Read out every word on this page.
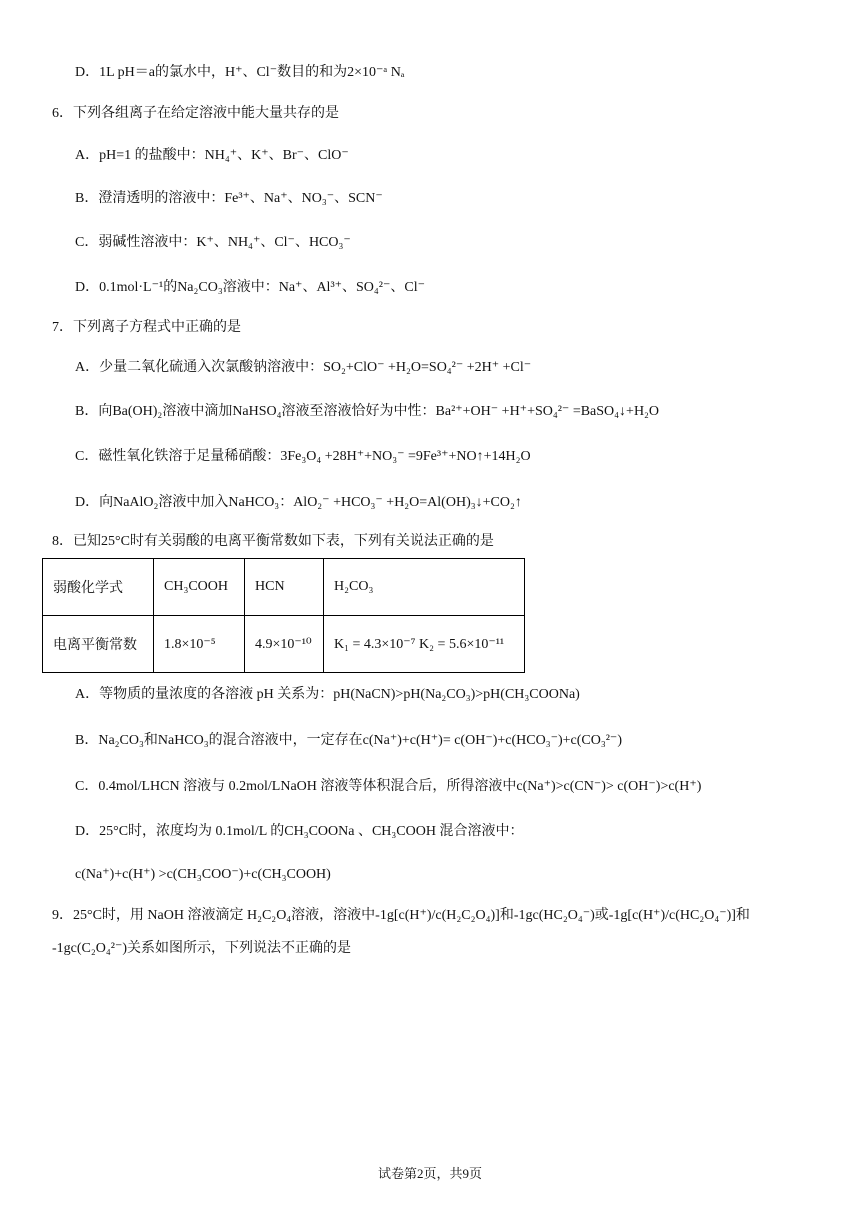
D．1L pH＝a的氯水中，H⁺、Cl⁻数目的和为2×10⁻ᵃ Nₐ
6．下列各组离子在给定溶液中能大量共存的是
A．pH=1 的盐酸中：NH₄⁺、K⁺、Br⁻、ClO⁻
B．澄清透明的溶液中：Fe³⁺、Na⁺、NO₃⁻、SCN⁻
C．弱碱性溶液中：K⁺、NH₄⁺、Cl⁻、HCO₃⁻
D．0.1mol·L⁻¹的Na₂CO₃溶液中：Na⁺、Al³⁺、SO₄²⁻、Cl⁻
7．下列离子方程式中正确的是
A．少量二氧化硫通入次氯酸钠溶液中：SO₂+ClO⁻ +H₂O=SO₄²⁻ +2H⁺ +Cl⁻
B．向Ba(OH)₂溶液中滴加NaHSO₄溶液至溶液恰好为中性：Ba²⁺+OH⁻ +H⁺+SO₄²⁻ =BaSO₄↓+H₂O
C．磁性氧化铁溶于足量稀硝酸：3Fe₃O₄ +28H⁺+NO₃⁻ =9Fe³⁺+NO↑+14H₂O
D．向NaAlO₂溶液中加入NaHCO₃：AlO₂⁻ +HCO₃⁻ +H₂O=Al(OH)₃↓+CO₂↑
8．已知25°C时有关弱酸的电离平衡常数如下表，下列有关说法正确的是
弱酸化学式	CH₃COOH	HCN	H₂CO₃
电离平衡常数	1.8×10⁻⁵	4.9×10⁻¹⁰	K₁ = 4.3×10⁻⁷ K₂ = 5.6×10⁻¹¹
A．等物质的量浓度的各溶液 pH 关系为：pH(NaCN)>pH(Na₂CO₃)>pH(CH₃COONa)
B．Na₂CO₃和NaHCO₃的混合溶液中，一定存在c(Na⁺)+c(H⁺)= c(OH⁻)+c(HCO₃⁻)+c(CO₃²⁻)
C．0.4mol/LHCN 溶液与 0.2mol/LNaOH 溶液等体积混合后，所得溶液中c(Na⁺)>c(CN⁻)> c(OH⁻)>c(H⁺)
D．25°C时，浓度均为 0.1mol/L 的CH₃COONa 、CH₃COOH 混合溶液中：
c(Na⁺)+c(H⁺) >c(CH₃COO⁻)+c(CH₃COOH)
9．25°C时，用 NaOH 溶液滴定 H₂C₂O₄溶液，溶液中-1g[c(H⁺)/c(H₂C₂O₄)]和-1gc(HC₂O₄⁻)或-1g[c(H⁺)/c(HC₂O₄⁻)]和
-1gc(C₂O₄²⁻)关系如图所示，下列说法不正确的是
试卷第2页，共9页
